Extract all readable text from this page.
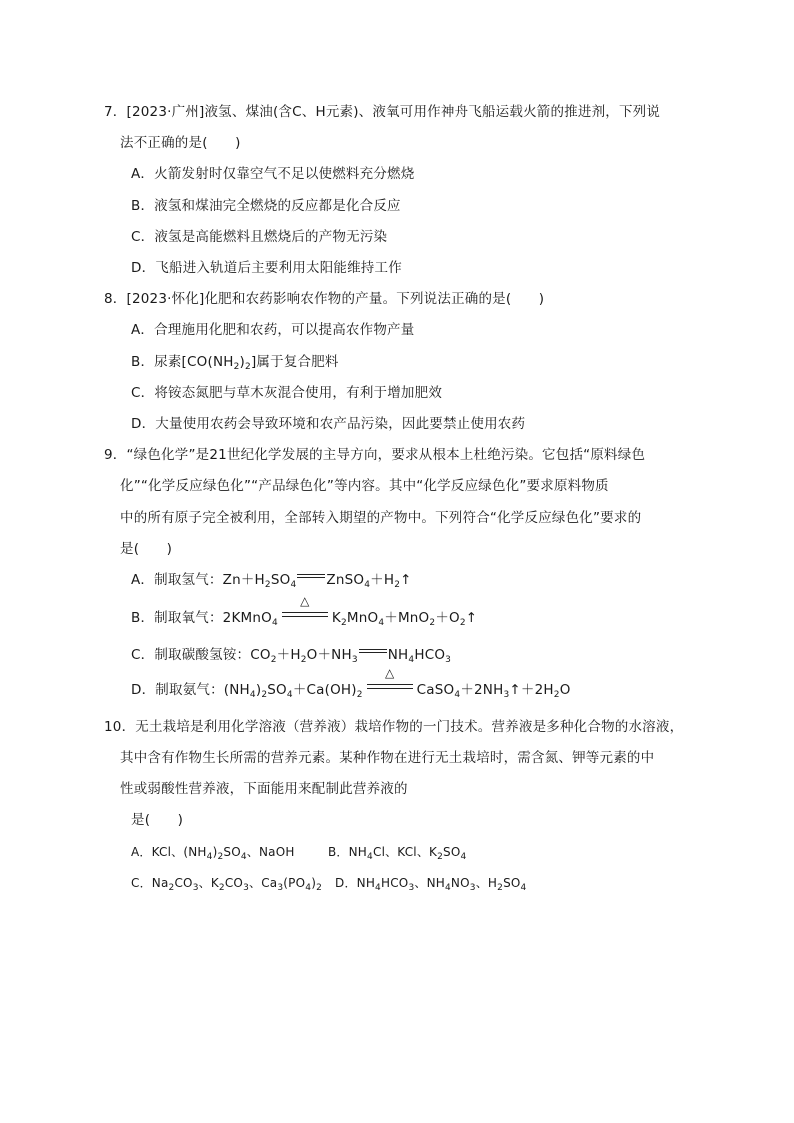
7．[2023·广州]液氢、煤油(含C、H元素)、液氧可用作神舟飞船运载火箭的推进剂，下列说
法不正确的是(　　)
A．火箭发射时仅靠空气不足以使燃料充分燃烧
B．液氢和煤油完全燃烧的反应都是化合反应
C．液氢是高能燃料且燃烧后的产物无污染
D．飞船进入轨道后主要利用太阳能维持工作
8．[2023·怀化]化肥和农药影响农作物的产量。下列说法正确的是(　　)
A．合理施用化肥和农药，可以提高农作物产量
B．尿素$[CO(NH_2)_2]$属于复合肥料
C．将铵态氮肥与草木灰混合使用，有利于增加肥效
D．大量使用农药会导致环境和农产品污染，因此要禁止使用农药
9．“绿色化学”是21世纪化学发展的主导方向，要求从根本上杜绝污染。它包括“原料绿色
化”“化学反应绿色化”“产品绿色化”等内容。其中“化学反应绿色化”要求原料物质
中的所有原子完全被利用，全部转入期望的产物中。下列符合“化学反应绿色化”要求的
是(　　)
A．制取氢气：$Zn+H_2SO_4$ $ZnSO_4+H_2↑$
B．制取氧气：2KMnO$_4$
△
$K_2MnO_4+MnO_2+O_2↑$
C．制取碳酸氢铵：$CO_2+H_2O+NH_3$ $NH_4HCO_3$
D．制取氨气：$(NH_4)_2SO_4+Ca(OH)_2$
△
$CaSO_4+2NH_3↑+2H_2O$
10．无土栽培是利用化学溶液（营养液）栽培作物的一门技术。营养液是多种化合物的水溶液，
其中含有作物生长所需的营养元素。某种作物在进行无土栽培时，需含氮、钾等元素的中
性或弱酸性营养液，下面能用来配制此营养液的
是(　　)
A．KCl、$(NH_4)_2SO_4$、NaOH	B．$NH_4Cl$、KCl、$K_2SO_4$
C．$Na_2CO_3$、$K_2CO_3$、$Ca_3(PO_4)_2$ D．$NH_4HCO_3$、$NH_4NO_3$、$H_2SO_4$
